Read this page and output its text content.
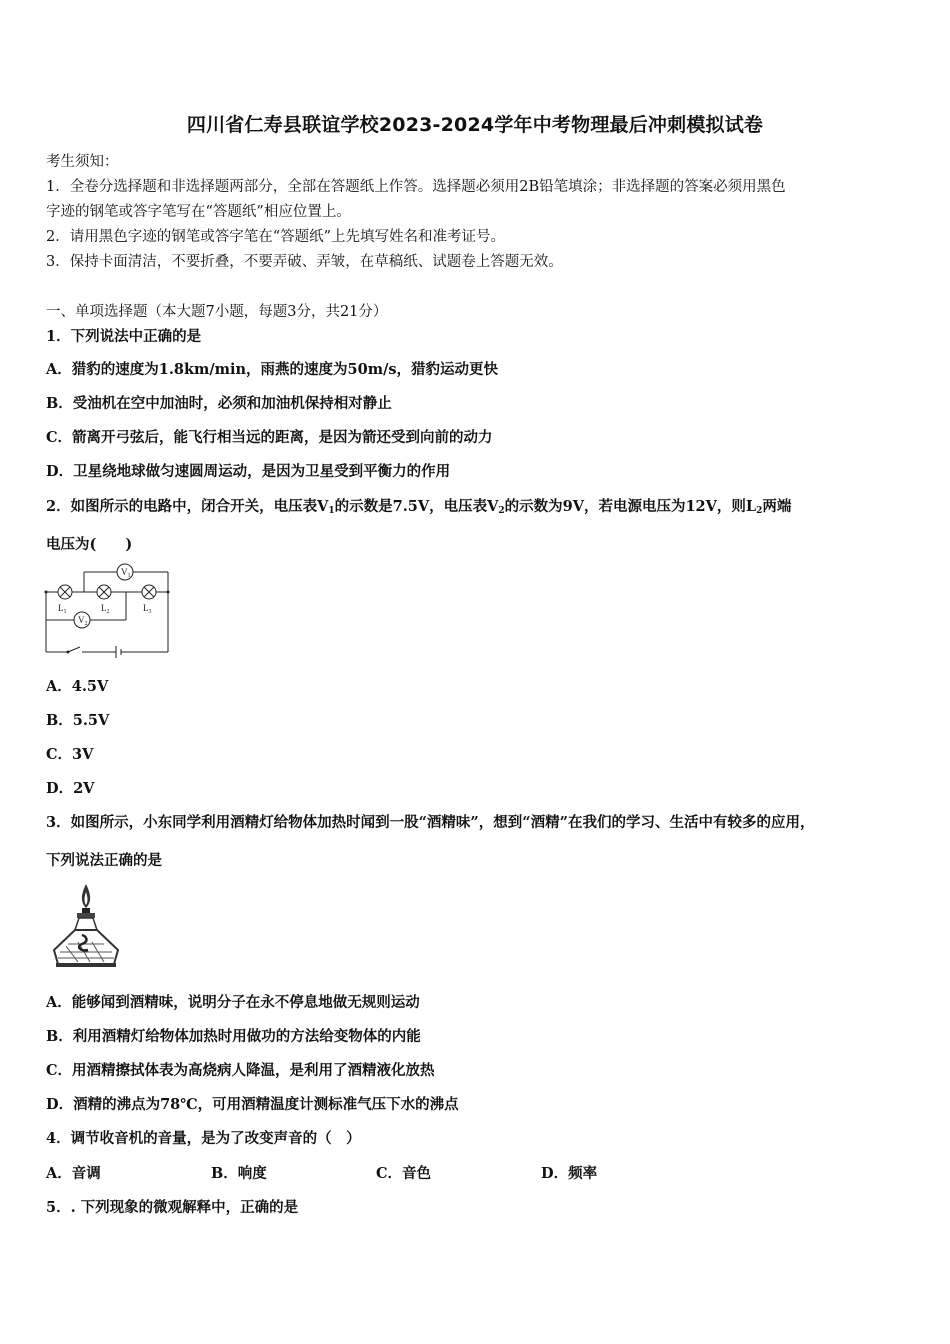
四川省仁寿县联谊学校2023-2024学年中考物理最后冲刺模拟试卷
考生须知：
1．全卷分选择题和非选择题两部分，全部在答题纸上作答。选择题必须用2B铅笔填涂；非选择题的答案必须用黑色
字迹的钢笔或答字笔写在“答题纸”相应位置上。
2．请用黑色字迹的钢笔或答字笔在“答题纸”上先填写姓名和准考证号。
3．保持卡面清洁，不要折叠，不要弄破、弄皱，在草稿纸、试题卷上答题无效。
一、单项选择题（本大题7小题，每题3分，共21分）
1．下列说法中正确的是
A．猎豹的速度为1.8km/min，雨燕的速度为50m/s，猎豹运动更快
B．受油机在空中加油时，必须和加油机保持相对静止
C．箭离开弓弦后，能飞行相当远的距离，是因为箭还受到向前的动力
D．卫星绕地球做匀速圆周运动，是因为卫星受到平衡力的作用
2．如图所示的电路中，闭合开关，电压表$V_1$的示数是7.5V，电压表$V_2$的示数为9V，若电源电压为12V，则$L_2$两端
电压为(　　)
$L_1$	$L_2$	$L_3$
$V_1$
$V_2$
A．4.5V
B．5.5V
C．3V
D．2V
3．如图所示，小东同学利用酒精灯给物体加热时闻到一股“酒精味”，想到“酒精”在我们的学习、生活中有较多的应用，
下列说法正确的是
A．能够闻到酒精味，说明分子在永不停息地做无规则运动
B．利用酒精灯给物体加热时用做功的方法给变物体的内能
C．用酒精擦拭体表为高烧病人降温，是利用了酒精液化放热
D．酒精的沸点为78℃，可用酒精温度计测标准气压下水的沸点
4．调节收音机的音量，是为了改变声音的（　）
A．音调	B．响度	C．音色	D．频率
5．. 下列现象的微观解释中，正确的是
